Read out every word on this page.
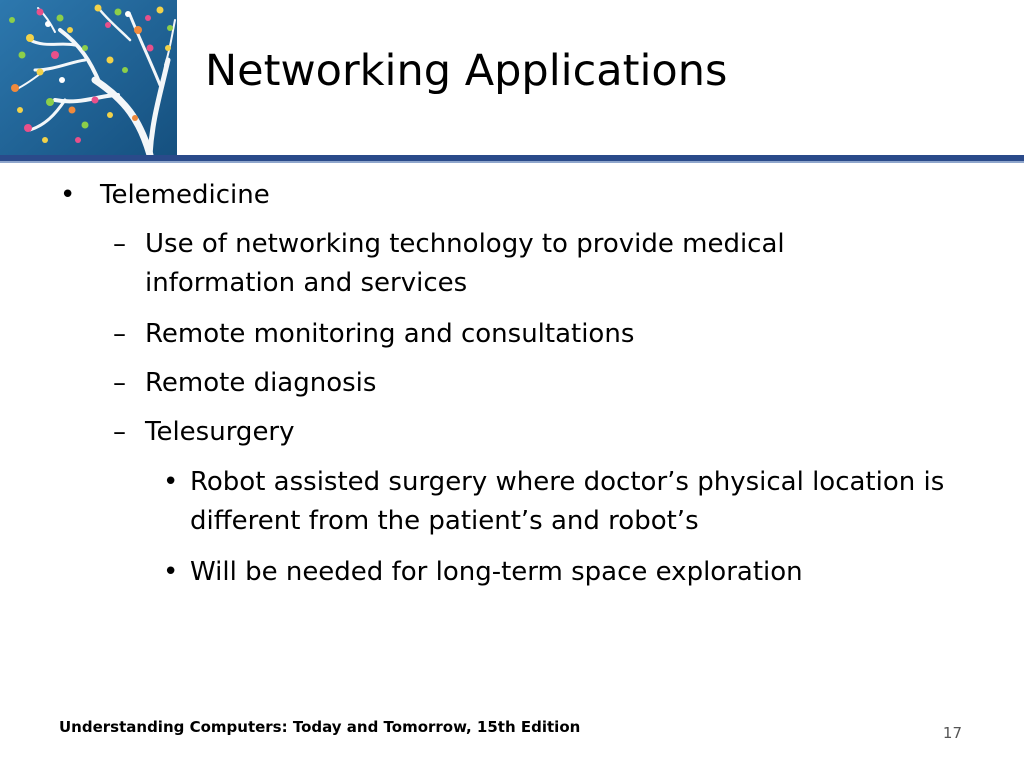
Networking Applications
• Telemedicine
– Use of networking technology to provide medical information and services
– Remote monitoring and consultations
– Remote diagnosis
– Telesurgery
• Robot assisted surgery where doctor’s physical location is different from the patient’s and robot’s
• Will be needed for long-term space exploration
Understanding Computers: Today and Tomorrow, 15th Edition	17
